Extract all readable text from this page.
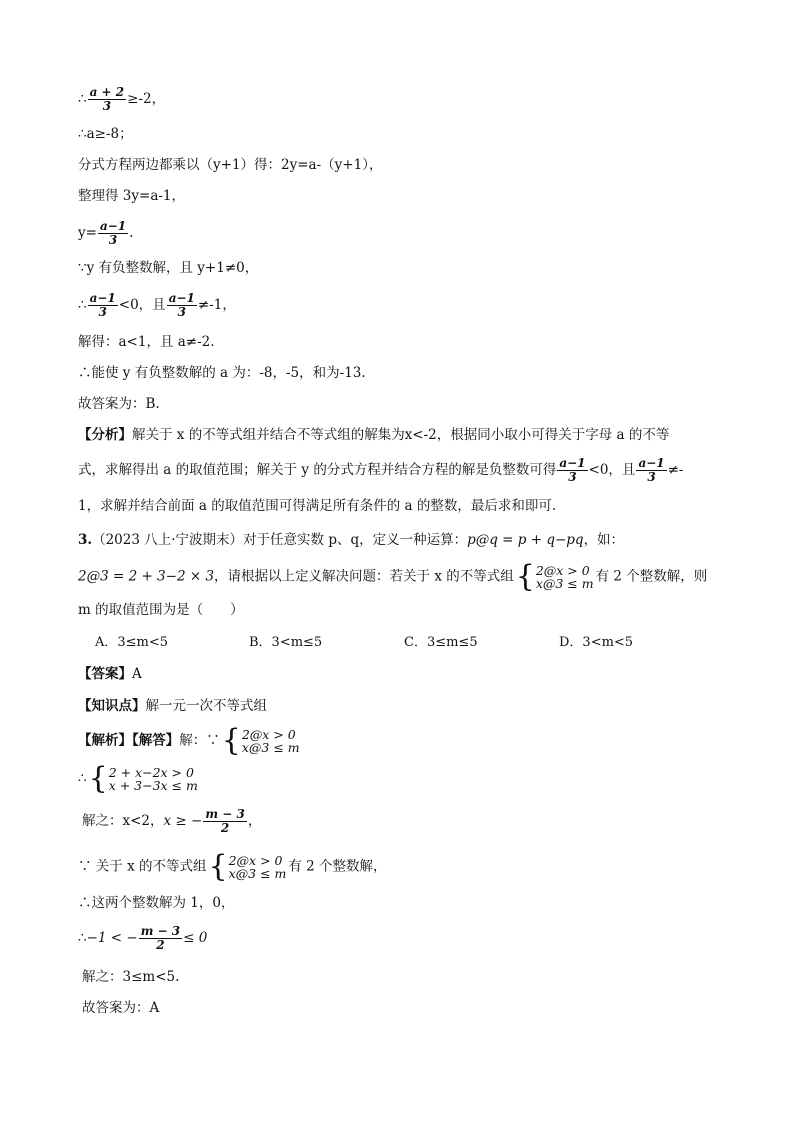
∴ $\frac{a + 2}{3} \ge-2$，
∴a≥-8；
分式方程两边都乘以（y+1）得：2y=a-（y+1），
整理得 3y=a-1，
$y= \frac{a-1}{3}$ .
∵y 有负整数解，且 y+1≠0，
∴ $\frac{a-1}{3} <0$，且 $\frac{a-1}{3} \ne-1$，
解得：a<1，且 a≠-2.
∴能使 y 有负整数解的 a 为：-8，-5，和为-13.
故答案为：B.
【分析】解关于 x 的不等式组并结合不等式组的解集为x<-2，根据同小取小可得关于字母 a 的不等
式，求解得出 a 的取值范围；解关于 y 的分式方程并结合方程的解是负整数可得 $\frac{a-1}{3} <0$，且 $\frac{a-1}{3}$ ≠-
1，求解并结合前面 a 的取值范围可得满足所有条件的 a 的整数，最后求和即可.
3.（2023 八上·宁波期末）对于任意实数 p、q，定义一种运算：p@q = p + q−pq，如：
2@3 = 2 + 3−2 × 3，请根据以上定义解决问题：若关于 x 的不等式组 { 2@x > 0
x@3 ≤ m 有 2 个整数解，则
m 的取值范围为是（　　）
A．3≤m<5	B．3<m≤5	C．3≤m≤5	D．3<m<5
【答案】A
【知识点】解一元一次不等式组
【解析】【解答】解：∵ { 2@x > 0
x@3 ≤ m
∴ { 2 + x−2x > 0
x + 3−3x ≤ m
解之：x<2，x ≥ − $\frac{m - 3}{2}$ ，
∵ 关于 x 的不等式组 { 2@x > 0
x@3 ≤ m 有 2 个整数解，
∴这两个整数解为 1，0，
∴−1 < − $\frac{m - 3}{2} \le 0$
解之：3≤m<5.
故答案为：A
